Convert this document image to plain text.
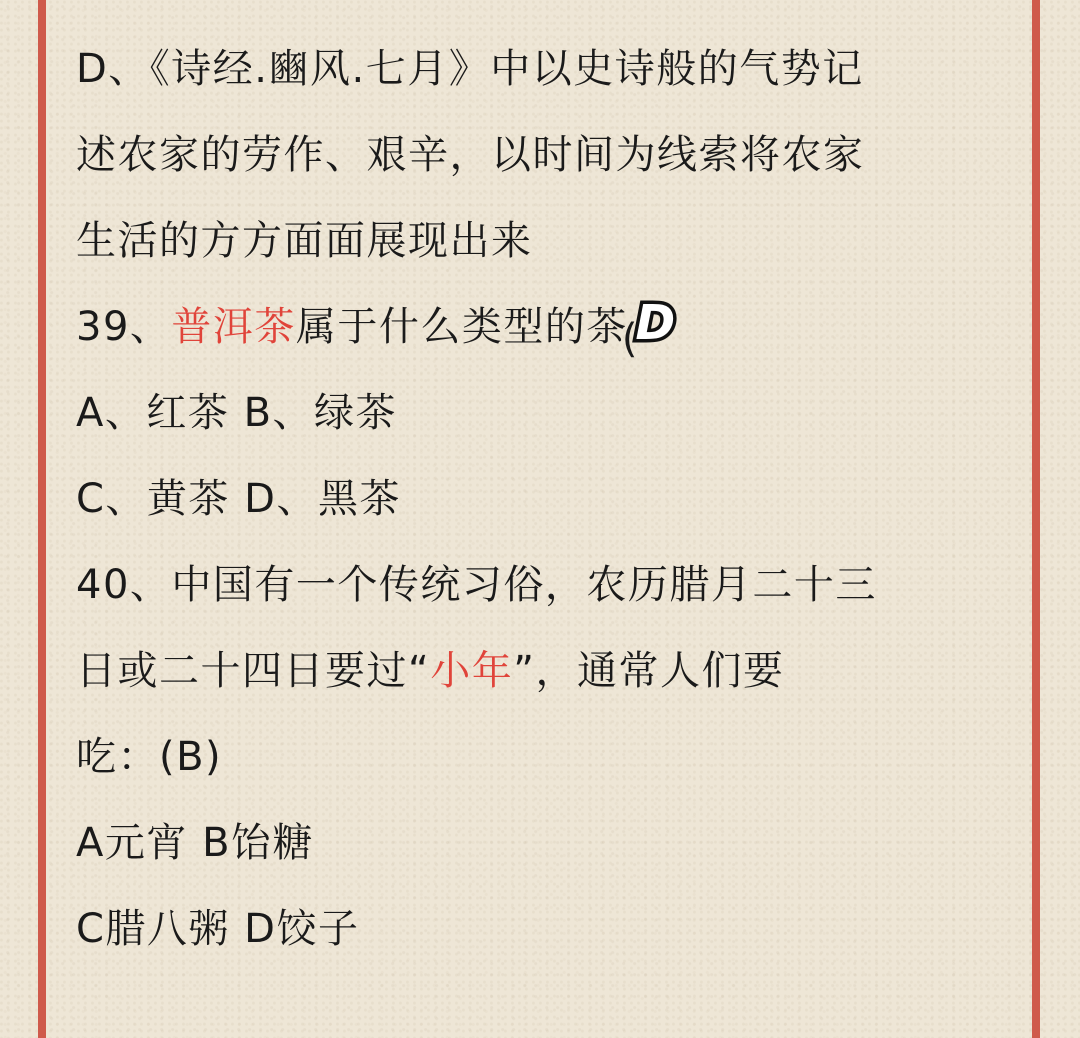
D、《诗经.豳风.七月》中以史诗般的气势记
述农家的劳作、艰辛，以时间为线索将农家
生活的方方面面展现出来
39、普洱茶属于什么类型的茶
(
D
A、红茶 B、绿茶
C、黄茶 D、黑茶
40、中国有一个传统习俗，农历腊月二十三
日或二十四日要过“小年”，通常人们要
吃：(B)
A元宵 B饴糖
C腊八粥 D饺子
